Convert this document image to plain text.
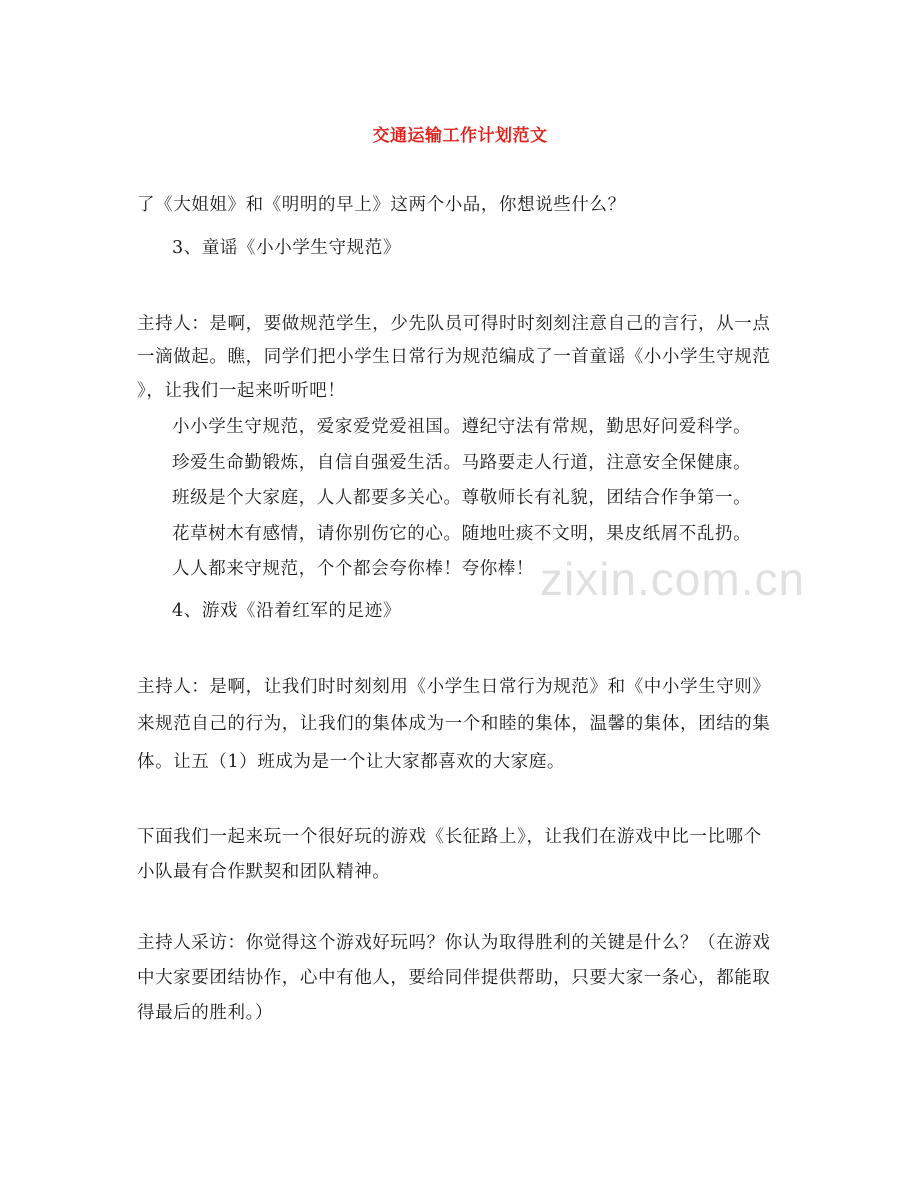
交通运输工作计划范文
了《大姐姐》和《明明的早上》这两个小品，你想说些什么？
3、童谣《小小学生守规范》
主持人：是啊，要做规范学生，少先队员可得时时刻刻注意自己的言行，从一点
一滴做起。瞧，同学们把小学生日常行为规范编成了一首童谣《小小学生守规范
》，让我们一起来听听吧！
小小学生守规范，爱家爱党爱祖国。遵纪守法有常规，勤思好问爱科学。
珍爱生命勤锻炼，自信自强爱生活。马路要走人行道，注意安全保健康。
班级是个大家庭，人人都要多关心。尊敬师长有礼貌，团结合作争第一。
花草树木有感情，请你别伤它的心。随地吐痰不文明，果皮纸屑不乱扔。
人人都来守规范，个个都会夸你棒！夸你棒！
4、游戏《沿着红军的足迹》
主持人：是啊，让我们时时刻刻用《小学生日常行为规范》和《中小学生守则》
来规范自己的行为，让我们的集体成为一个和睦的集体，温馨的集体，团结的集
体。让五（1）班成为是一个让大家都喜欢的大家庭。
下面我们一起来玩一个很好玩的游戏《长征路上》，让我们在游戏中比一比哪个
小队最有合作默契和团队精神。
主持人采访：你觉得这个游戏好玩吗？你认为取得胜利的关键是什么？（在游戏
中大家要团结协作，心中有他人，要给同伴提供帮助，只要大家一条心，都能取
得最后的胜利。）
zixin.com.cn
